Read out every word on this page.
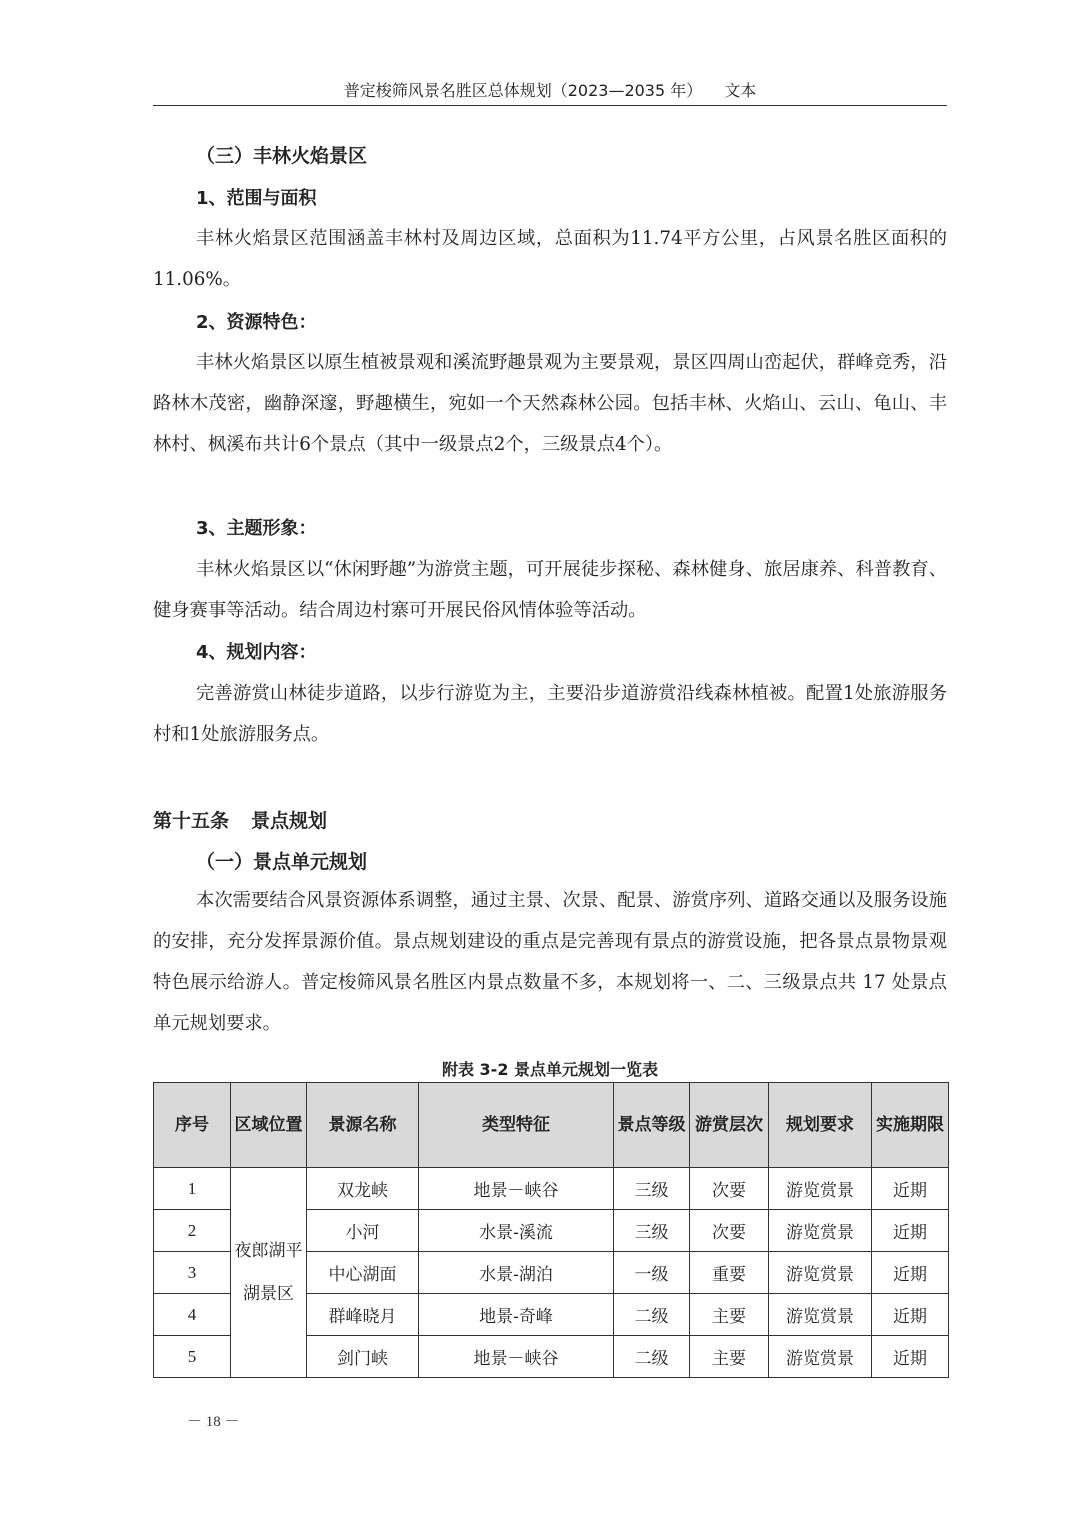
普定梭筛风景名胜区总体规划（2023—2035 年） 文本
（三）丰林火焰景区
1、范围与面积

丰林火焰景区范围涵盖丰林村及周边区域，总面积为11.74平方公里，占风景名胜区面积的11.06%。

2、资源特色：

丰林火焰景区以原生植被景观和溪流野趣景观为主要景观，景区四周山峦起伏，群峰竞秀，沿路林木茂密，幽静深邃，野趣横生，宛如一个天然森林公园。包括丰林、火焰山、云山、龟山、丰林村、枫溪布共计6个景点（其中一级景点2个，三级景点4个）。

3、主题形象：

丰林火焰景区以“休闲野趣”为游赏主题，可开展徒步探秘、森林健身、旅居康养、科普教育、健身赛事等活动。结合周边村寨可开展民俗风情体验等活动。

4、规划内容：

完善游赏山林徒步道路，以步行游览为主，主要沿步道游赏沿线森林植被。配置1处旅游服务村和1处旅游服务点。

第十五条 景点规划
（一）景点单元规划

本次需要结合风景资源体系调整，通过主景、次景、配景、游赏序列、道路交通以及服务设施的安排，充分发挥景源价值。景点规划建设的重点是完善现有景点的游赏设施，把各景点景物景观特色展示给游人。普定梭筛风景名胜区内景点数量不多，本规划将一、二、三级景点共 17 处景点单元规划要求。

附表 3-2 景点单元规划一览表
序号	区域位置	景源名称	类型特征	景点等级	游赏层次	规划要求	实施期限
1	夜郎湖平湖景区	双龙峡	地景－峡谷	三级	次要	游览赏景	近期
2		小河	水景-溪流	三级	次要	游览赏景	近期
3		中心湖面	水景-湖泊	一级	重要	游览赏景	近期
4		群峰晓月	地景-奇峰	二级	主要	游览赏景	近期
5		剑门峡	地景－峡谷	二级	主要	游览赏景	近期
－ 18 －
